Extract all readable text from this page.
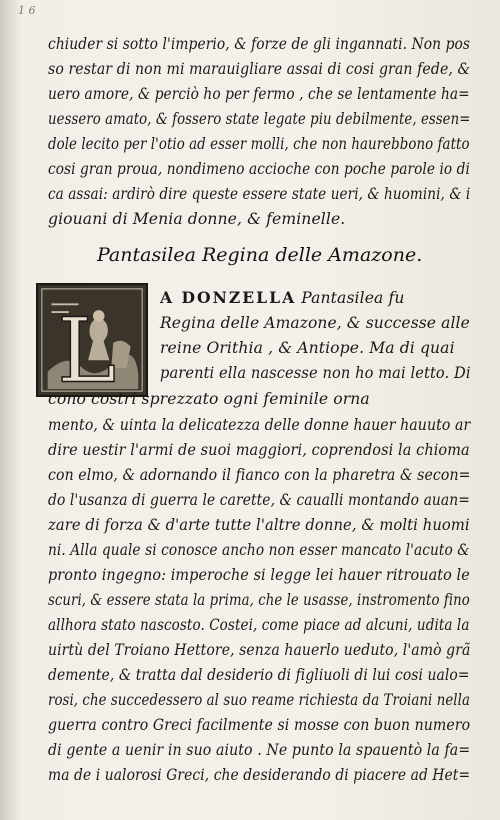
1 6
chiuder si sotto l'imperio, & forze de gli ingannati. Non pos
so restar di non mi marauigliare assai di cosi gran fede, &
uero amore, & perciò ho per fermo , che se lentamente ha=
uessero amato, & fossero state legate piu debilmente, essen=
dole lecito per l'otio ad esser molli, che non haurebbono fatto
cosi gran proua, nondimeno accioche con poche parole io di
ca assai: ardirò dire queste essere state ueri, & huomini, & i
giouani di Menia donne, & feminelle.
Pantasilea Regina delle Amazone.
L
A DONZELLA Pantasilea fu
Regina delle Amazone, & successe alle
reine Orithia , & Antiope. Ma di quai
parenti ella nascesse non ho mai letto. Di
cono costri sprezzato ogni feminile orna
mento, & uinta la delicatezza delle donne hauer hauuto ar
dire uestir l'armi de suoi maggiori, coprendosi la chioma
con elmo, & adornando il fianco con la pharetra & secon=
do l'usanza di guerra le carette, & caualli montando auan=
zare di forza & d'arte tutte l'altre donne, & molti huomi
ni. Alla quale si conosce ancho non esser mancato l'acuto &
pronto ingegno: imperoche si legge lei hauer ritrouato le
scuri, & essere stata la prima, che le usasse, instromento fino
allhora stato nascosto. Costei, come piace ad alcuni, udita la
uirtù del Troiano Hettore, senza hauerlo ueduto, l'amò grã
demente, & tratta dal desiderio di figliuoli di lui cosi ualo=
rosi, che succedessero al suo reame richiesta da Troiani nella
guerra contro Greci facilmente si mosse con buon numero
di gente a uenir in suo aiuto . Ne punto la spauentò la fa=
ma de i ualorosi Greci, che desiderando di piacere ad Het=
